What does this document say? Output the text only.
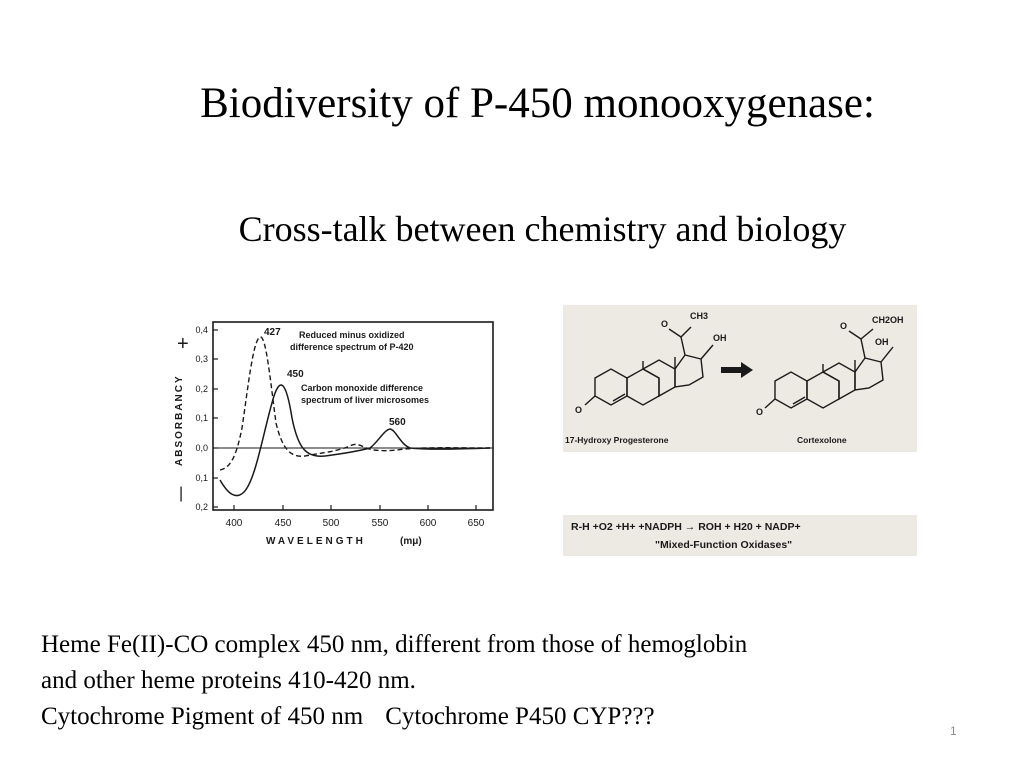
Biodiversity of P-450 monooxygenase:
Cross-talk between chemistry and biology
0,4
0,3
0,2
0,1
0,0
0,1
0,2
400	450	500	550	600	650
WAVELENGTH	(mμ)
ABSORBANCY
+
|
427
450
560
Reduced minus oxidized
difference spectrum of P-420
Carbon monoxide difference
spectrum of liver microsomes
CH3
OH
O
O
17-Hydroxy Progesterone
CH2OH
OH
O
O
Cortexolone
R-H +O2 +H+ +NADPH → ROH + H20 + NADP+
"Mixed-Function Oxidases"
Heme Fe(II)-CO complex 450 nm, different from those of hemoglobin
and other heme proteins 410-420 nm.
Cytochrome Pigment of 450 nm Cytochrome P450 CYP???
1
